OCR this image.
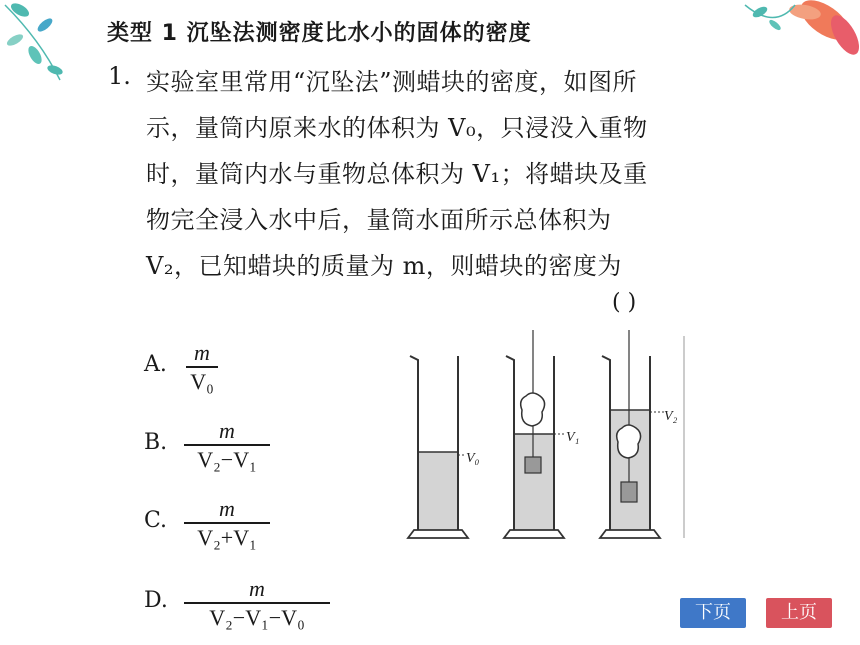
类型 1 沉坠法测密度比水小的固体的密度
1. 实验室里常用“沉坠法”测蜡块的密度，如图所
示，量筒内原来水的体积为 V₀，只浸没入重物
时，量筒内水与重物总体积为 V₁；将蜡块及重
物完全浸入水中后，量筒水面所示总体积为
V₂，已知蜡块的质量为 m，则蜡块的密度为
( )
A.	m
V₀
B.	m
V₂−V₁
C.	m
V₂+V₁
D.	m
V₂−V₁−V₀
V₀
V₁
V₂
下页	上页
